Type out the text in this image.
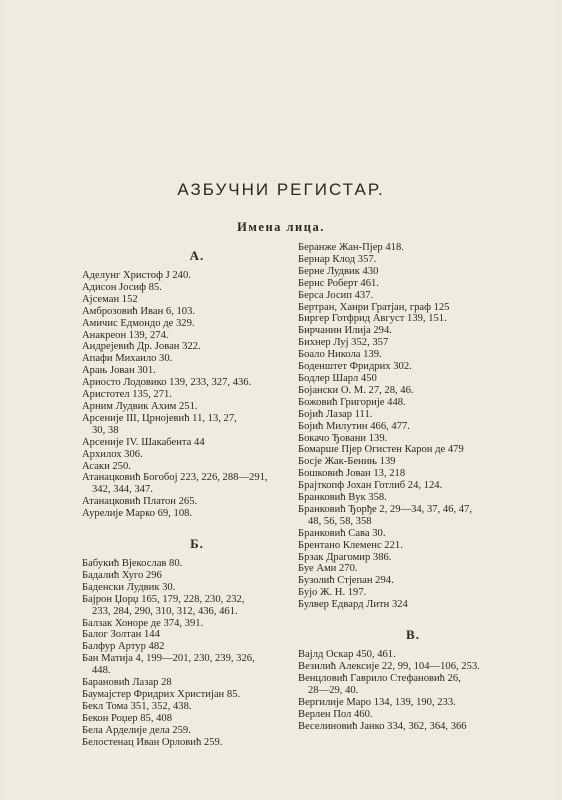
АЗБУЧНИ РЕГИСТАР.
Имена лица.
А.
Аделунг Христоф Ј 240.
Адисон Јосиф 85.
Ајсеман 152
Амброзовић Иван 6, 103.
Амичис Едмондо де 329.
Анакреон 139, 274.
Андрејевић Др. Јован 322.
Апафи Михаило 30.
Арањ Јован 301.
Ариосто Лодовико 139, 233, 327, 436.
Аристотел 135, 271.
Арним Лудвик Ахим 251.
Арсеније III, Црнојевић 11, 13, 27,
30, 38
Арсеније IV. Шакабента 44
Архилох 306.
Асаки 250.
Атанацковић Богобој 223, 226, 288—291,
342, 344, 347.
Атанацковић Платон 265.
Аурелије Марко 69, 108.
Б.
Бабукић Вјекослав 80.
Бадалић Хуго 296
Баденски Лудвик 30.
Бајрон Џорџ 165, 179, 228, 230, 232,
233, 284, 290, 310, 312, 436, 461.
Балзак Хоноре де 374, 391.
Балог Золтан 144
Балфур Артур 482
Бан Матија 4, 199—201, 230, 239, 326,
448.
Барановић Лазар 28
Баумајстер Фридрих Христијан 85.
Бекл Тома 351, 352, 438.
Бекон Роџер 85, 408
Бела Арделије дела 259.
Белостенац Иван Орловић 259.
Беранже Жан-Пјер 418.
Бернар Клод 357.
Берне Лудвик 430
Бернс Роберт 461.
Берса Јосип 437.
Бертран, Ханри Гратјан, граф 125
Биргер Готфрид Август 139, 151.
Бирчанин Илија 294.
Бихнер Луј 352, 357
Боало Никола 139.
Боденштет Фридрих 302.
Бодлер Шарл 450
Бојански О. М. 27, 28, 46.
Божовић Григорије 448.
Бојић Лазар 111.
Бојић Милутин 466, 477.
Бокачо Ђовани 139.
Бомарше Пјер Огистен Карон де 479
Босје Жак-Бенињ 139
Бошковић Јован 13, 218
Брајткопф Јохан Готлиб 24, 124.
Бранковић Вук 358.
Бранковић Ђорђе 2, 29—34, 37, 46, 47,
48, 56, 58, 358
Бранковић Сава 30.
Брентано Клеменс 221.
Брзак Драгомир 386.
Буе Ами 270.
Бузолић Стјепан 294.
Бујо Ж. Н. 197.
Булвер Едвард Литн 324
В.
Вајлд Оскар 450, 461.
Везилић Алексије 22, 99, 104—106, 253.
Венцловић Гаврило Стефановић 26,
28—29, 40.
Вергилије Маро 134, 139, 190, 233.
Верлен Пол 460.
Веселиновић Јанко 334, 362, 364, 366
